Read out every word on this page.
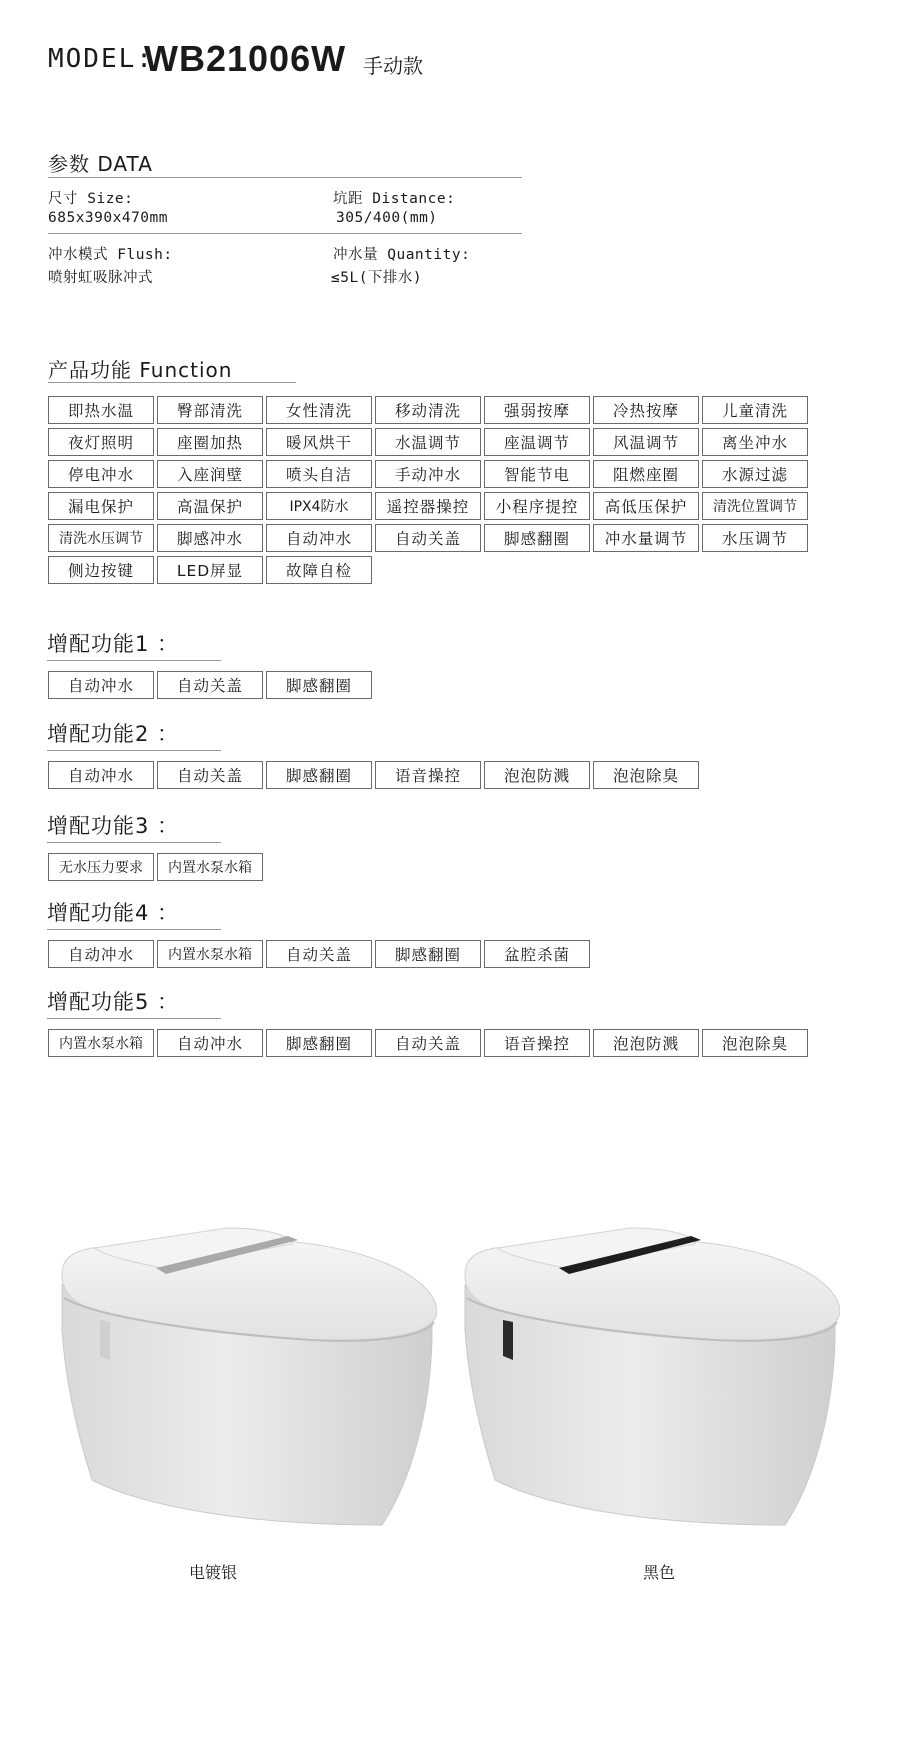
MODEL:
WB21006W 手动款
参数 DATA
尺寸 Size:
685x390x470mm
坑距 Distance:
305/400(mm)
冲水模式 Flush:
喷射虹吸脉冲式
冲水量 Quantity:
≤5L(下排水)
产品功能 Function
即热水温	臀部清洗	女性清洗	移动清洗	强弱按摩	冷热按摩	儿童清洗
夜灯照明	座圈加热	暖风烘干	水温调节	座温调节	风温调节	离坐冲水
停电冲水	入座润壁	喷头自洁	手动冲水	智能节电	阻燃座圈	水源过滤
漏电保护	高温保护	IPX4防水	遥控器操控	小程序提控	高低压保护	清洗位置调节
清洗水压调节	脚感冲水	自动冲水	自动关盖	脚感翻圈	冲水量调节	水压调节
侧边按键	LED屏显	故障自检
增配功能1 ：
自动冲水	自动关盖	脚感翻圈
增配功能2 ：
自动冲水	自动关盖	脚感翻圈	语音操控	泡泡防溅	泡泡除臭
增配功能3 ：
无水压力要求	内置水泵水箱
增配功能4 ：
自动冲水	内置水泵水箱	自动关盖	脚感翻圈	盆腔杀菌
增配功能5 ：
内置水泵水箱	自动冲水	脚感翻圈	自动关盖	语音操控	泡泡防溅	泡泡除臭
电镀银	黑色
